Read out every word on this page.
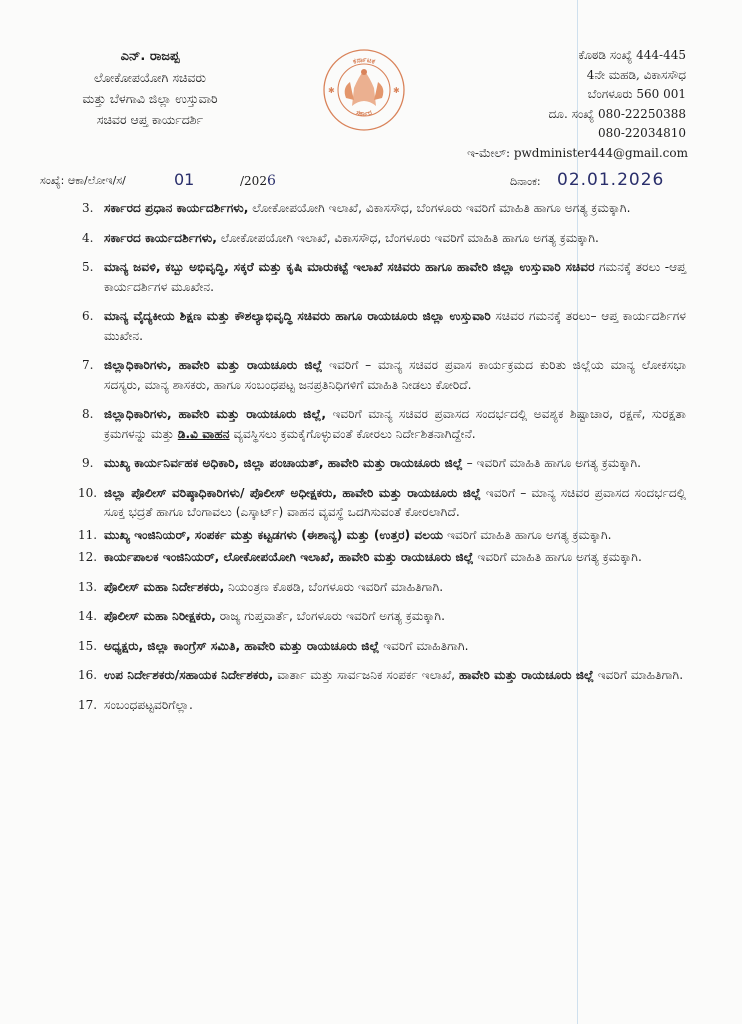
ಎನ್. ರಾಜಪ್ಪ
ಲೋಕೋಪಯೋಗಿ ಸಚಿವರು
ಮತ್ತು ಬೆಳಗಾವಿ ಜಿಲ್ಲಾ ಉಸ್ತುವಾರಿ
ಸಚಿವರ ಆಪ್ತ ಕಾರ್ಯದರ್ಶಿ
✱	✱
ಕರ್ನಾಟಕ
ಸರ್ಕಾರ
ಕೊಠಡಿ ಸಂಖ್ಯೆ 444-445
4ನೇ ಮಹಡಿ, ವಿಕಾಸಸೌಧ
ಬೆಂಗಳೂರು 560 001
ದೂ. ಸಂಖ್ಯೆ 080-22250388
080-22034810
ಇ-ಮೇಲ್: pwdminister444@gmail.com
ಸಂಖ್ಯೆ: ಆಕಾ/ಲೋಇ/ಸ/	01	/2026	ದಿನಾಂಕ: 02.01.2026
3. ಸರ್ಕಾರದ ಪ್ರಧಾನ ಕಾರ್ಯದರ್ಶಿಗಳು, ಲೋಕೋಪಯೋಗಿ ಇಲಾಖೆ, ವಿಕಾಸಸೌಧ, ಬೆಂಗಳೂರು ಇವರಿಗೆ ಮಾಹಿತಿ ಹಾಗೂ ಅಗತ್ಯ ಕ್ರಮಕ್ಕಾಗಿ.
4. ಸರ್ಕಾರದ ಕಾರ್ಯದರ್ಶಿಗಳು, ಲೋಕೋಪಯೋಗಿ ಇಲಾಖೆ, ವಿಕಾಸಸೌಧ, ಬೆಂಗಳೂರು ಇವರಿಗೆ ಮಾಹಿತಿ ಹಾಗೂ ಅಗತ್ಯ ಕ್ರಮಕ್ಕಾಗಿ.
5. ಮಾನ್ಯ ಜವಳಿ, ಕಬ್ಬು ಅಭಿವೃದ್ಧಿ, ಸಕ್ಕರೆ ಮತ್ತು ಕೃಷಿ ಮಾರುಕಟ್ಟೆ ಇಲಾಖೆ ಸಚಿವರು ಹಾಗೂ ಹಾವೇರಿ ಜಿಲ್ಲಾ ಉಸ್ತುವಾರಿ ಸಚಿವರ ಗಮನಕ್ಕೆ ತರಲು -ಆಪ್ತ ಕಾರ್ಯದರ್ಶಿಗಳ ಮೂಖೇನ.
6. ಮಾನ್ಯ ವೈದ್ಯಕೀಯ ಶಿಕ್ಷಣ ಮತ್ತು ಕೌಶಲ್ಯಾಭಿವೃದ್ಧಿ ಸಚಿವರು ಹಾಗೂ ರಾಯಚೂರು ಜಿಲ್ಲಾ ಉಸ್ತುವಾರಿ ಸಚಿವರ ಗಮನಕ್ಕೆ ತರಲು– ಆಪ್ತ ಕಾರ್ಯದರ್ಶಿಗಳ ಮುಖೇನ.
7. ಜಿಲ್ಲಾಧಿಕಾರಿಗಳು, ಹಾವೇರಿ ಮತ್ತು ರಾಯಚೂರು ಜಿಲ್ಲೆ ಇವರಿಗೆ – ಮಾನ್ಯ ಸಚಿವರ ಪ್ರವಾಸ ಕಾರ್ಯಕ್ರಮದ ಕುರಿತು ಜಿಲ್ಲೆಯ ಮಾನ್ಯ ಲೋಕಸಭಾ ಸದಸ್ಯರು, ಮಾನ್ಯ ಶಾಸಕರು, ಹಾಗೂ ಸಂಬಂಧಪಟ್ಟ ಜನಪ್ರತಿನಿಧಿಗಳಿಗೆ ಮಾಹಿತಿ ನೀಡಲು ಕೋರಿದೆ.
8. ಜಿಲ್ಲಾಧಿಕಾರಿಗಳು, ಹಾವೇರಿ ಮತ್ತು ರಾಯಚೂರು ಜಿಲ್ಲೆ, ಇವರಿಗೆ ಮಾನ್ಯ ಸಚಿವರ ಪ್ರವಾಸದ ಸಂದರ್ಭದಲ್ಲಿ ಅವಶ್ಯಕ ಶಿಷ್ಟಾಚಾರ, ರಕ್ಷಣೆ, ಸುರಕ್ಷತಾ ಕ್ರಮಗಳನ್ನು ಮತ್ತು ಡಿ.ವಿ ವಾಹನ ವ್ಯವಸ್ಥಿಸಲು ಕ್ರಮಕೈಗೊಳ್ಳುವಂತೆ ಕೋರಲು ನಿರ್ದೇಶಿತನಾಗಿದ್ದೇನೆ.
9. ಮುಖ್ಯ ಕಾರ್ಯನಿರ್ವಹಕ ಅಧಿಕಾರಿ, ಜಿಲ್ಲಾ ಪಂಚಾಯತ್, ಹಾವೇರಿ ಮತ್ತು ರಾಯಚೂರು ಜಿಲ್ಲೆ – ಇವರಿಗೆ ಮಾಹಿತಿ ಹಾಗೂ ಅಗತ್ಯ ಕ್ರಮಕ್ಕಾಗಿ.
10. ಜಿಲ್ಲಾ ಪೊಲೀಸ್ ವರಿಷ್ಠಾಧಿಕಾರಿಗಳು/ ಪೊಲೀಸ್ ಅಧೀಕ್ಷಕರು, ಹಾವೇರಿ ಮತ್ತು ರಾಯಚೂರು ಜಿಲ್ಲೆ ಇವರಿಗೆ – ಮಾನ್ಯ ಸಚಿವರ ಪ್ರವಾಸದ ಸಂದರ್ಭದಲ್ಲಿ ಸೂಕ್ತ ಭದ್ರತೆ ಹಾಗೂ ಬೆಂಗಾವಲು (ಎಸ್ಕಾರ್ಟ್) ವಾಹನ ವ್ಯವಸ್ಥೆ ಒದಗಿಸುವಂತೆ ಕೋರಲಾಗಿದೆ.
11. ಮುಖ್ಯ ಇಂಜಿನಿಯರ್, ಸಂಪರ್ಕ ಮತ್ತು ಕಟ್ಟಡಗಳು (ಈಶಾನ್ಯ) ಮತ್ತು (ಉತ್ತರ) ವಲಯ ಇವರಿಗೆ ಮಾಹಿತಿ ಹಾಗೂ ಅಗತ್ಯ ಕ್ರಮಕ್ಕಾಗಿ.
12. ಕಾರ್ಯಪಾಲಕ ಇಂಜಿನಿಯರ್, ಲೋಕೋಪಯೋಗಿ ಇಲಾಖೆ, ಹಾವೇರಿ ಮತ್ತು ರಾಯಚೂರು ಜಿಲ್ಲೆ ಇವರಿಗೆ ಮಾಹಿತಿ ಹಾಗೂ ಅಗತ್ಯ ಕ್ರಮಕ್ಕಾಗಿ.
13. ಪೊಲೀಸ್ ಮಹಾ ನಿರ್ದೇಶಕರು, ನಿಯಂತ್ರಣ ಕೊಠಡಿ, ಬೆಂಗಳೂರು ಇವರಿಗೆ ಮಾಹಿತಿಗಾಗಿ.
14. ಪೊಲೀಸ್ ಮಹಾ ನಿರೀಕ್ಷಕರು, ರಾಜ್ಯ ಗುಪ್ತವಾರ್ತೆ, ಬೆಂಗಳೂರು ಇವರಿಗೆ ಅಗತ್ಯ ಕ್ರಮಕ್ಕಾಗಿ.
15. ಅಧ್ಯಕ್ಷರು, ಜಿಲ್ಲಾ ಕಾಂಗ್ರೆಸ್ ಸಮಿತಿ, ಹಾವೇರಿ ಮತ್ತು ರಾಯಚೂರು ಜಿಲ್ಲೆ ಇವರಿಗೆ ಮಾಹಿತಿಗಾಗಿ.
16. ಉಪ ನಿರ್ದೇಶಕರು/ಸಹಾಯಕ ನಿರ್ದೇಶಕರು, ವಾರ್ತಾ ಮತ್ತು ಸಾರ್ವಜನಿಕ ಸಂಪರ್ಕ ಇಲಾಖೆ, ಹಾವೇರಿ ಮತ್ತು ರಾಯಚೂರು ಜಿಲ್ಲೆ ಇವರಿಗೆ ಮಾಹಿತಿಗಾಗಿ.
17. ಸಂಬಂಧಪಟ್ಟವರಿಗೆಲ್ಲಾ.
